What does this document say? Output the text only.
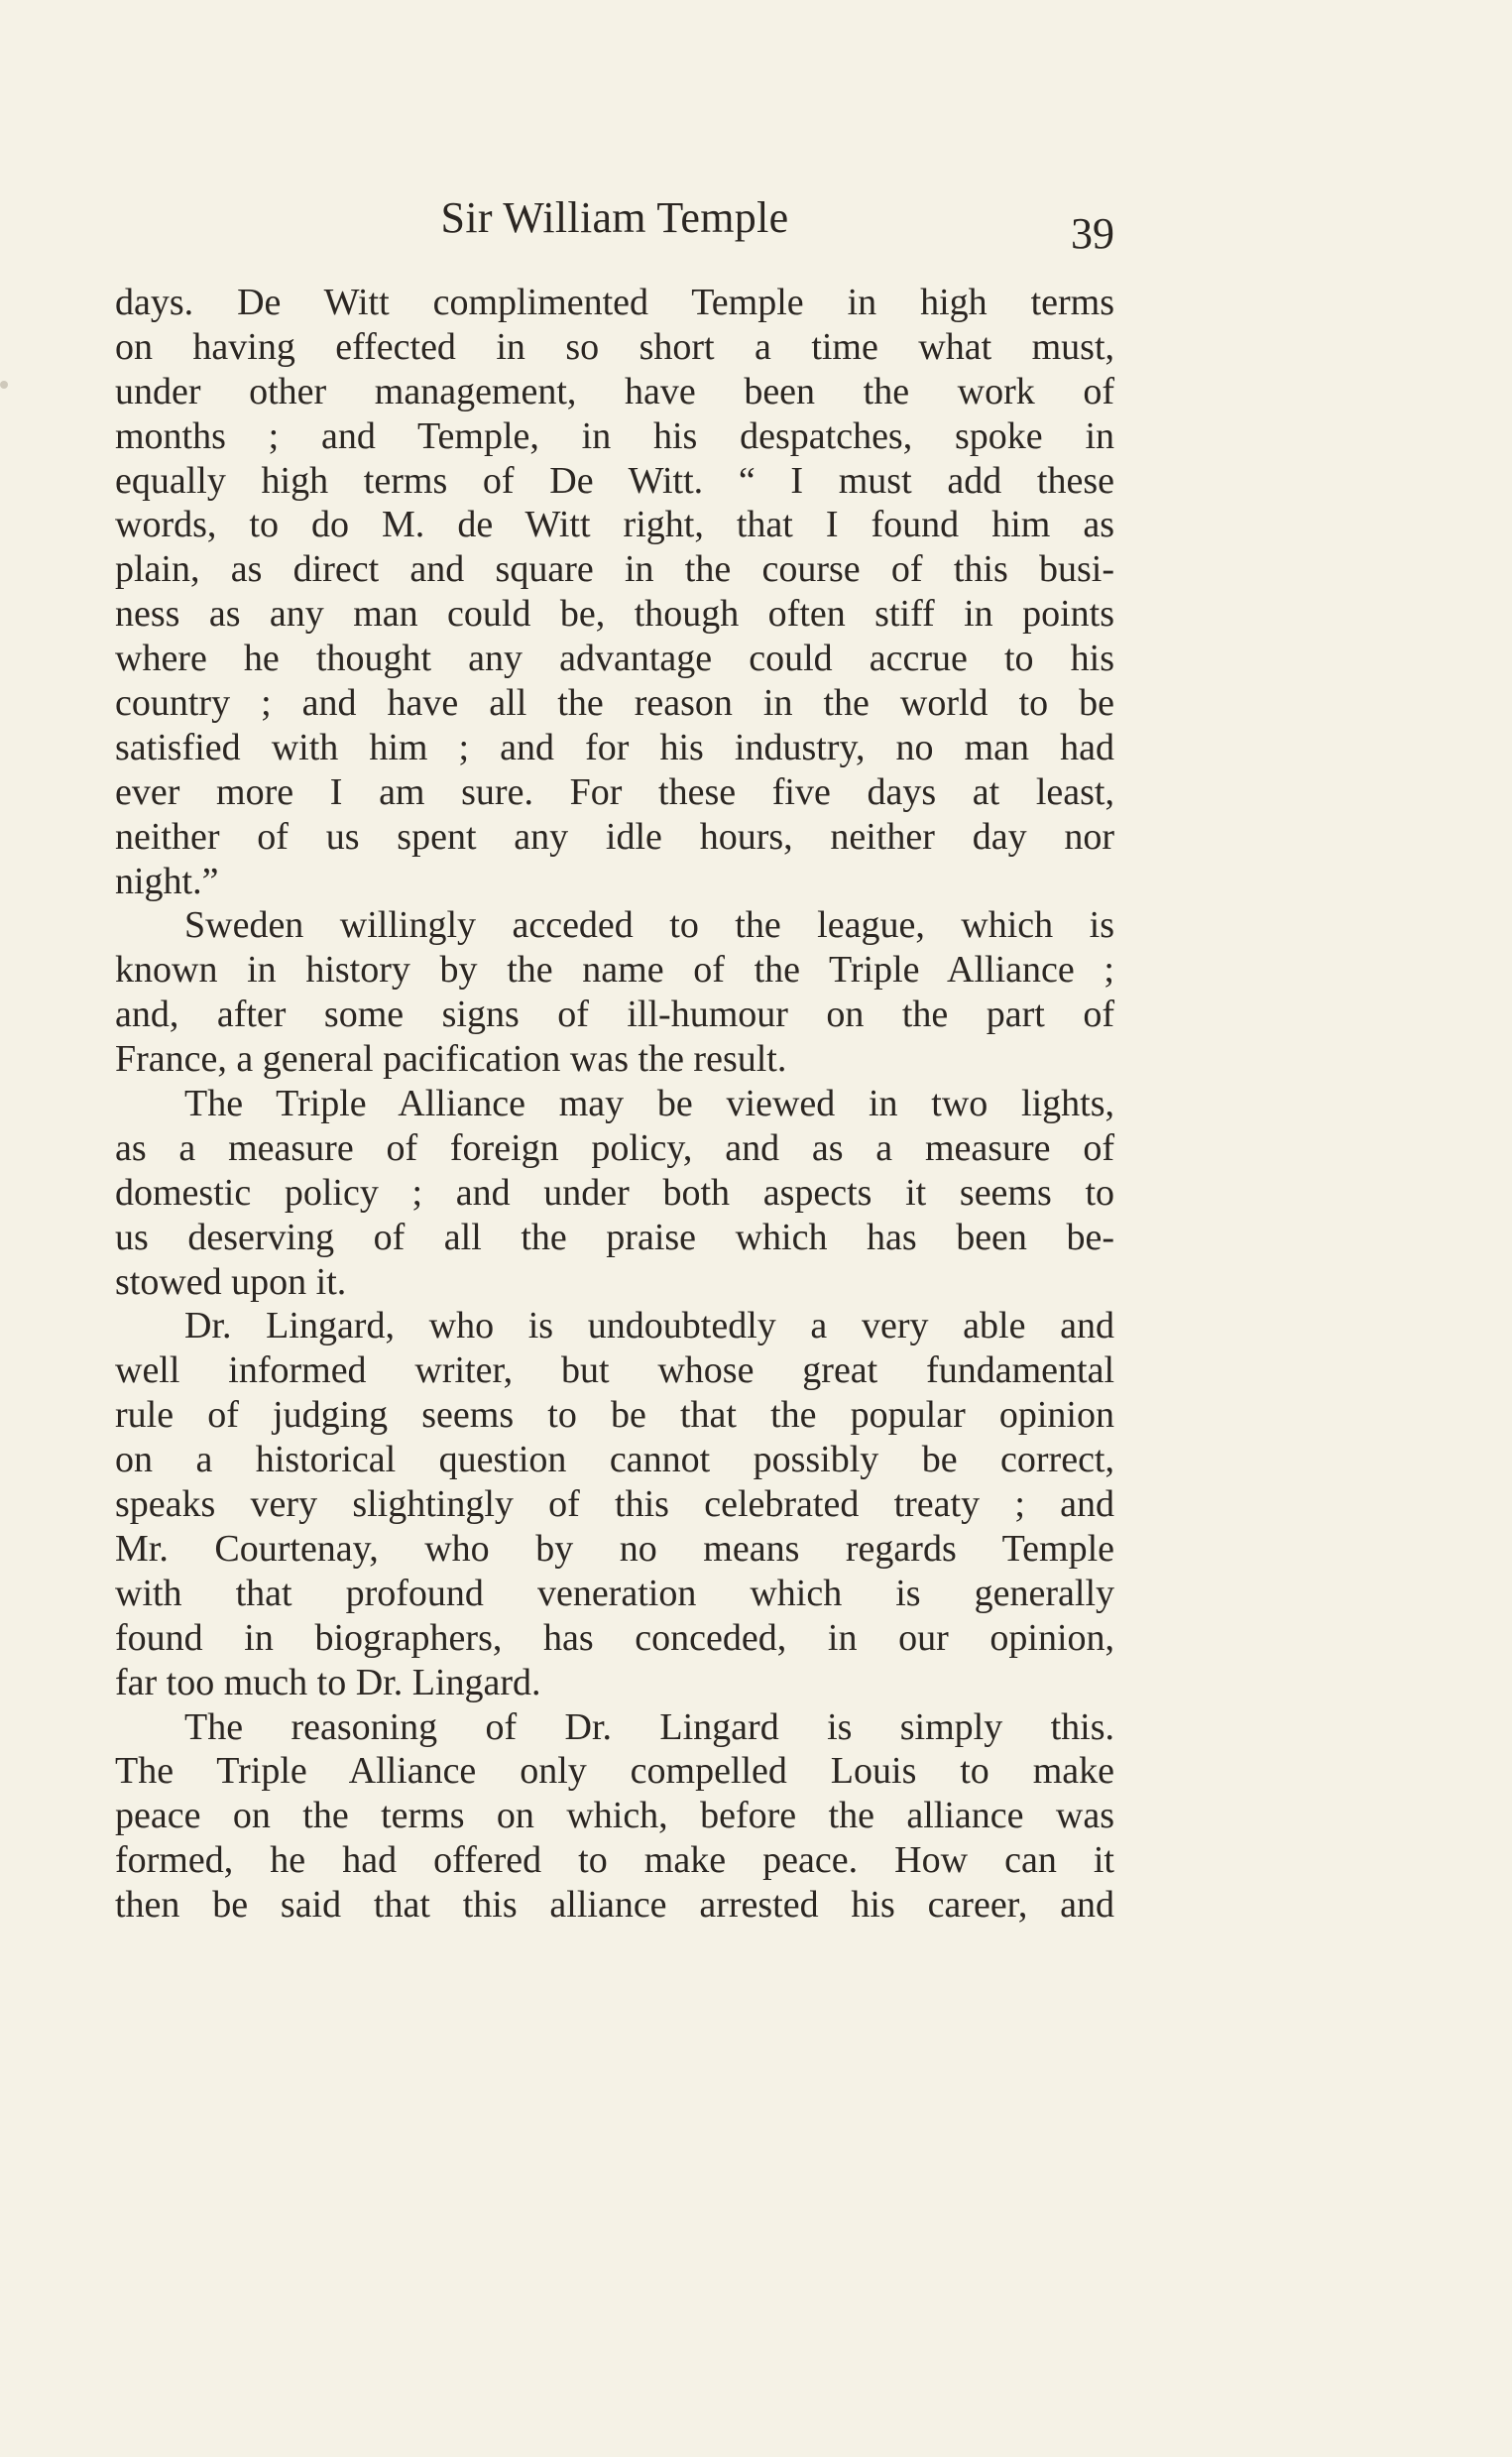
Sir William Temple	39
days. De Witt complimented Temple in high terms
on having effected in so short a time what must,
under other management, have been the work of
months ; and Temple, in his despatches, spoke in
equally high terms of De Witt. “ I must add these
words, to do M. de Witt right, that I found him as
plain, as direct and square in the course of this busi-
ness as any man could be, though often stiff in points
where he thought any advantage could accrue to his
country ; and have all the reason in the world to be
satisfied with him ; and for his industry, no man had
ever more I am sure. For these five days at least,
neither of us spent any idle hours, neither day nor
night.”
Sweden willingly acceded to the league, which is
known in history by the name of the Triple Alliance ;
and, after some signs of ill-humour on the part of
France, a general pacification was the result.
The Triple Alliance may be viewed in two lights,
as a measure of foreign policy, and as a measure of
domestic policy ; and under both aspects it seems to
us deserving of all the praise which has been be-
stowed upon it.
Dr. Lingard, who is undoubtedly a very able and
well informed writer, but whose great fundamental
rule of judging seems to be that the popular opinion
on a historical question cannot possibly be correct,
speaks very slightingly of this celebrated treaty ; and
Mr. Courtenay, who by no means regards Temple
with that profound veneration which is generally
found in biographers, has conceded, in our opinion,
far too much to Dr. Lingard.
The reasoning of Dr. Lingard is simply this.
The Triple Alliance only compelled Louis to make
peace on the terms on which, before the alliance was
formed, he had offered to make peace. How can it
then be said that this alliance arrested his career, and
